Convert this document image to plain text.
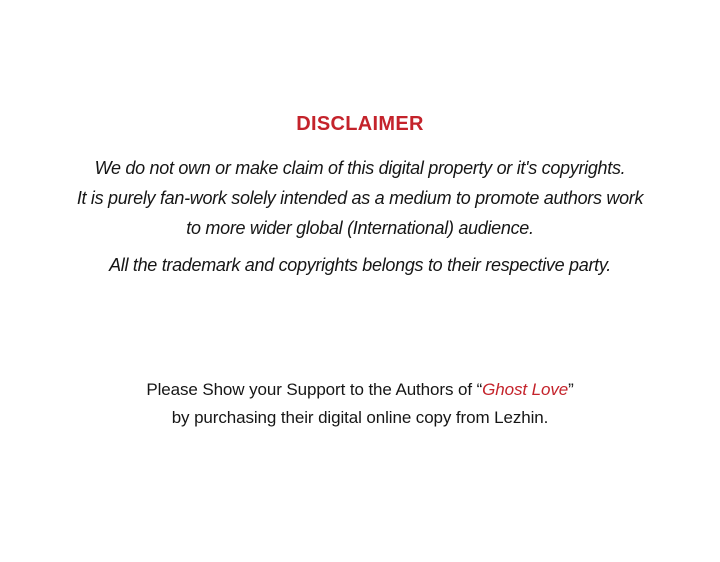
DISCLAIMER

We do not own or make claim of this digital property or it's copyrights.
It is purely fan-work solely intended as a medium to promote authors work
to more wider global (International) audience.

All the trademark and copyrights belongs to their respective party.

Please Show your Support to the Authors of “Ghost Love”
by purchasing their digital online copy from Lezhin.
